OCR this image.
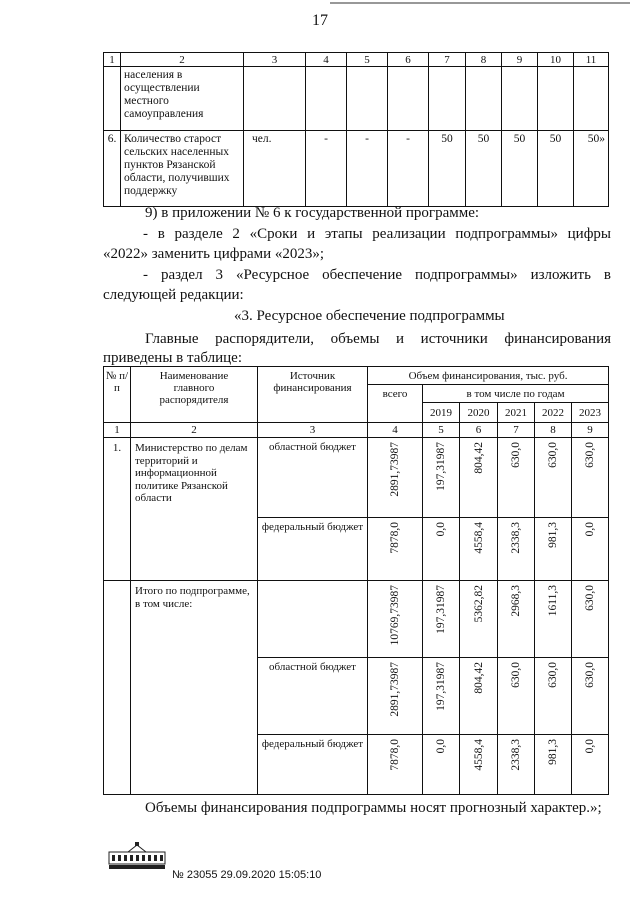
17
1	2	3	4	5	6	7	8	9	10	11
	населения в осуществлении местного самоуправления									
6.	Количество старост сельских населенных пунктов Рязанской области, получивших поддержку	чел.	-	-	-	50	50	50	50	50»
9) в приложении № 6 к государственной программе:
- в разделе 2 «Сроки и этапы реализации подпрограммы» цифры
«2022» заменить цифрами «2023»;
- раздел 3 «Ресурсное обеспечение подпрограммы» изложить в
следующей редакции:
«3. Ресурсное обеспечение подпрограммы
Главные распорядители, объемы и источники финансирования
приведены в таблице:
№ п/п	Наименование главного распорядителя	Источник финансирования	Объем финансирования, тыс. руб.					
			всего	в том числе по годам				
				2019	2020	2021	2022	2023
1	2	3	4	5	6	7	8	9
1.	Министерство по делам территорий и информационной политике Рязанской области	областной бюджет	2891,73987	197,31987	804,42	630,0	630,0	630,0
		федеральный бюджет	7878,0	0,0	4558,4	2338,3	981,3	0,0
	Итого по подпрограмме, в том числе:		10769,73987	197,31987	5362,82	2968,3	1611,3	630,0
		областной бюджет	2891,73987	197,31987	804,42	630,0	630,0	630,0
		федеральный бюджет	7878,0	0,0	4558,4	2338,3	981,3	0,0
Объемы финансирования подпрограммы носят прогнозный характер.»;
№ 23055 29.09.2020 15:05:10
